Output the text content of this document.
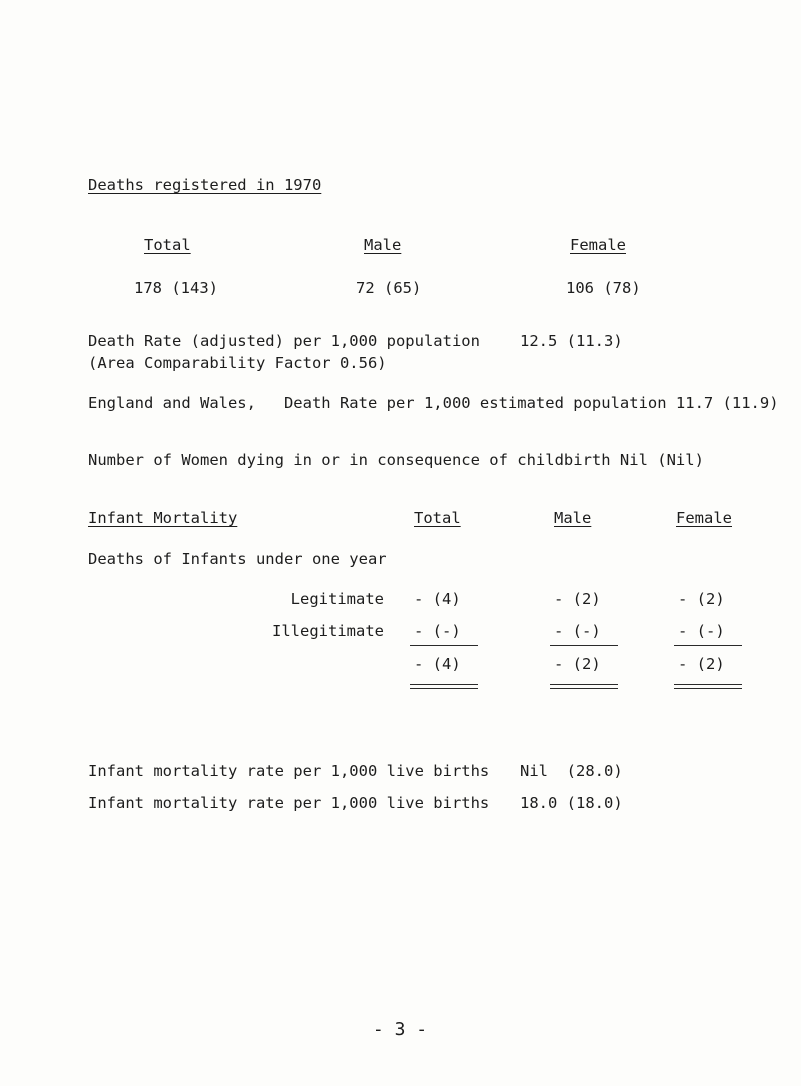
Deaths registered in 1970
Total	Male	Female
178 (143)	72 (65)	106 (78)
Death Rate (adjusted) per 1,000 population	12.5 (11.3)
(Area Comparability Factor 0.56)
England and Wales,   Death Rate per 1,000 estimated population 11.7 (11.9)
Number of Women dying in or in consequence of childbirth Nil (Nil)
Infant Mortality	Total	Male	Female
Deaths of Infants under one year
Legitimate - (4)	- (2)	- (2)
Illegitimate - (-)	- (-)	- (-)
- (4)	- (2)	- (2)
Infant mortality rate per 1,000 live births Nil  (28.0)
Infant mortality rate per 1,000 live births 18.0 (18.0)
- 3 -
